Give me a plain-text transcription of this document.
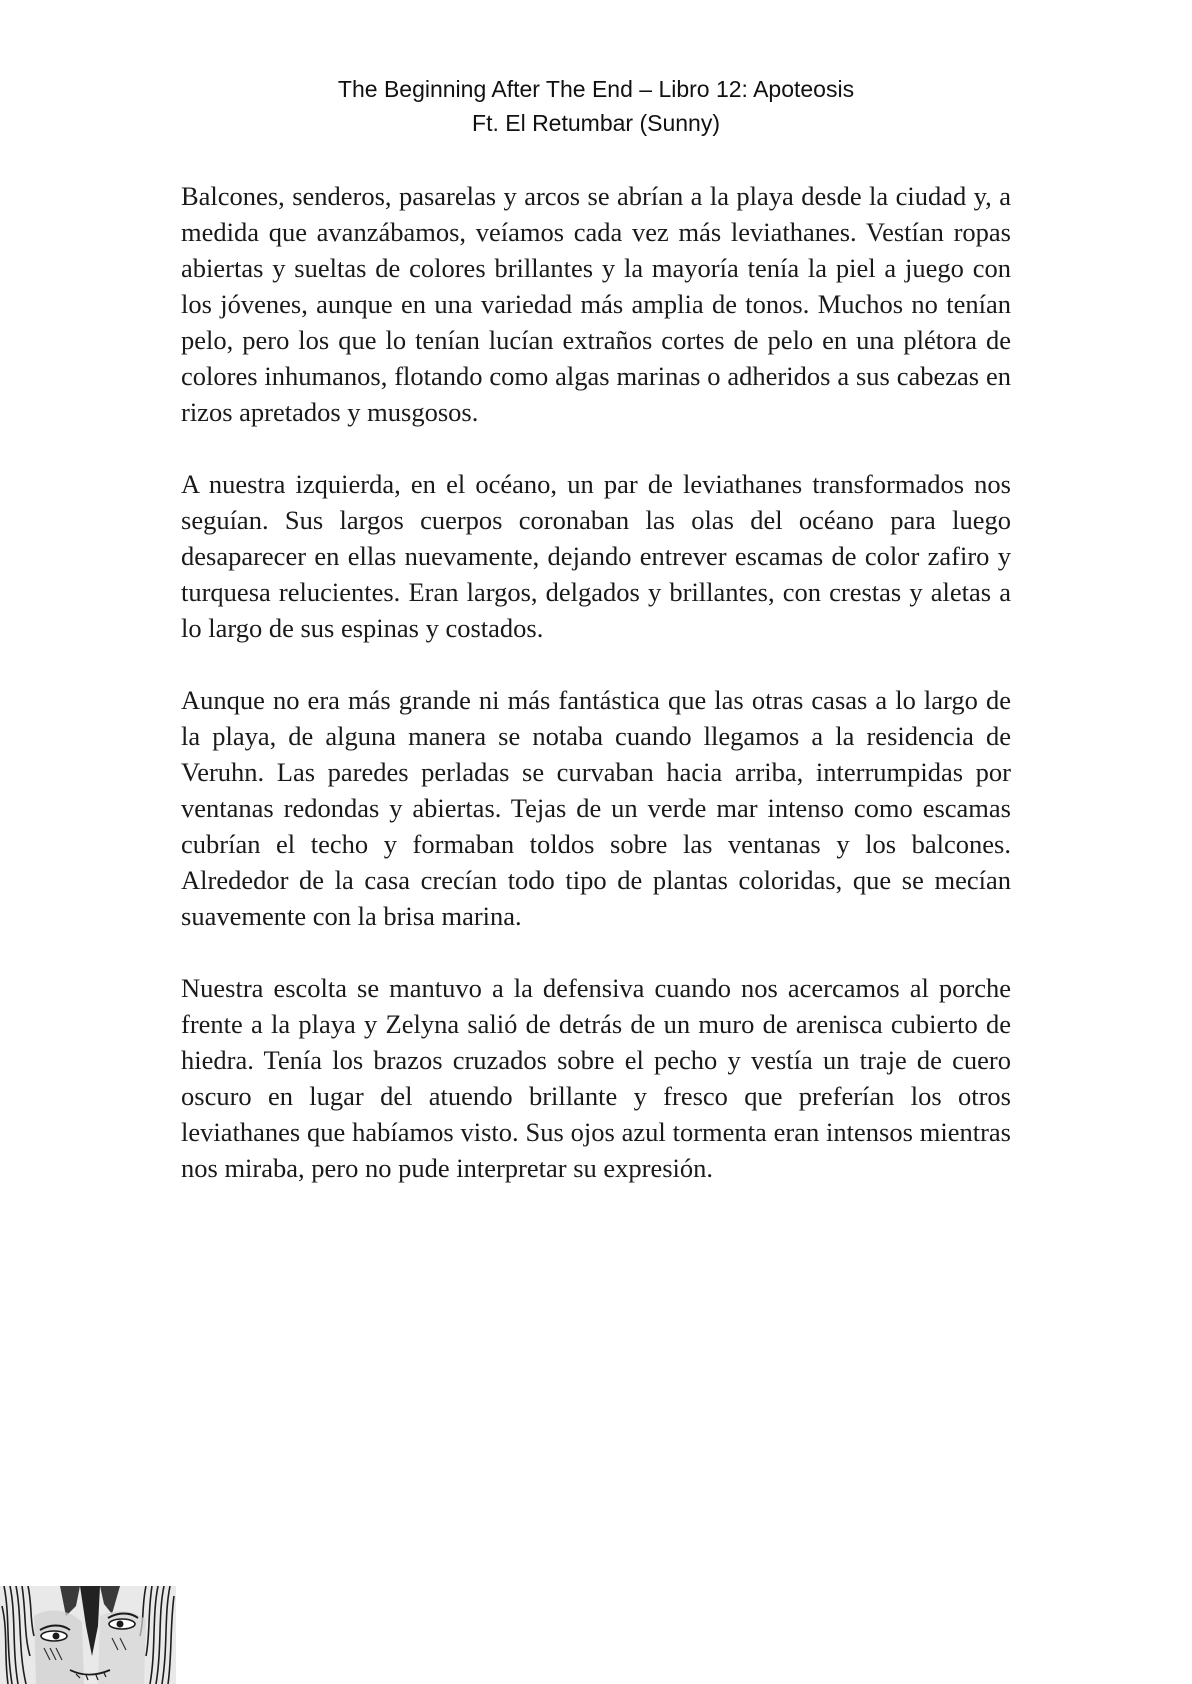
The Beginning After The End – Libro 12: Apoteosis
Ft. El Retumbar (Sunny)

Balcones, senderos, pasarelas y arcos se abrían a la playa desde la ciudad y, a medida que avanzábamos, veíamos cada vez más leviathanes. Vestían ropas abiertas y sueltas de colores brillantes y la mayoría tenía la piel a juego con los jóvenes, aunque en una variedad más amplia de tonos. Muchos no tenían pelo, pero los que lo tenían lucían extraños cortes de pelo en una plétora de colores inhumanos, flotando como algas marinas o adheridos a sus cabezas en rizos apretados y musgosos.

A nuestra izquierda, en el océano, un par de leviathanes transformados nos seguían. Sus largos cuerpos coronaban las olas del océano para luego desaparecer en ellas nuevamente, dejando entrever escamas de color zafiro y turquesa relucientes. Eran largos, delgados y brillantes, con crestas y aletas a lo largo de sus espinas y costados.

Aunque no era más grande ni más fantástica que las otras casas a lo largo de la playa, de alguna manera se notaba cuando llegamos a la residencia de Veruhn. Las paredes perladas se curvaban hacia arriba, interrumpidas por ventanas redondas y abiertas. Tejas de un verde mar intenso como escamas cubrían el techo y formaban toldos sobre las ventanas y los balcones. Alrededor de la casa crecían todo tipo de plantas coloridas, que se mecían suavemente con la brisa marina.

Nuestra escolta se mantuvo a la defensiva cuando nos acercamos al porche frente a la playa y Zelyna salió de detrás de un muro de arenisca cubierto de hiedra. Tenía los brazos cruzados sobre el pecho y vestía un traje de cuero oscuro en lugar del atuendo brillante y fresco que preferían los otros leviathanes que habíamos visto. Sus ojos azul tormenta eran intensos mientras nos miraba, pero no pude interpretar su expresión.
